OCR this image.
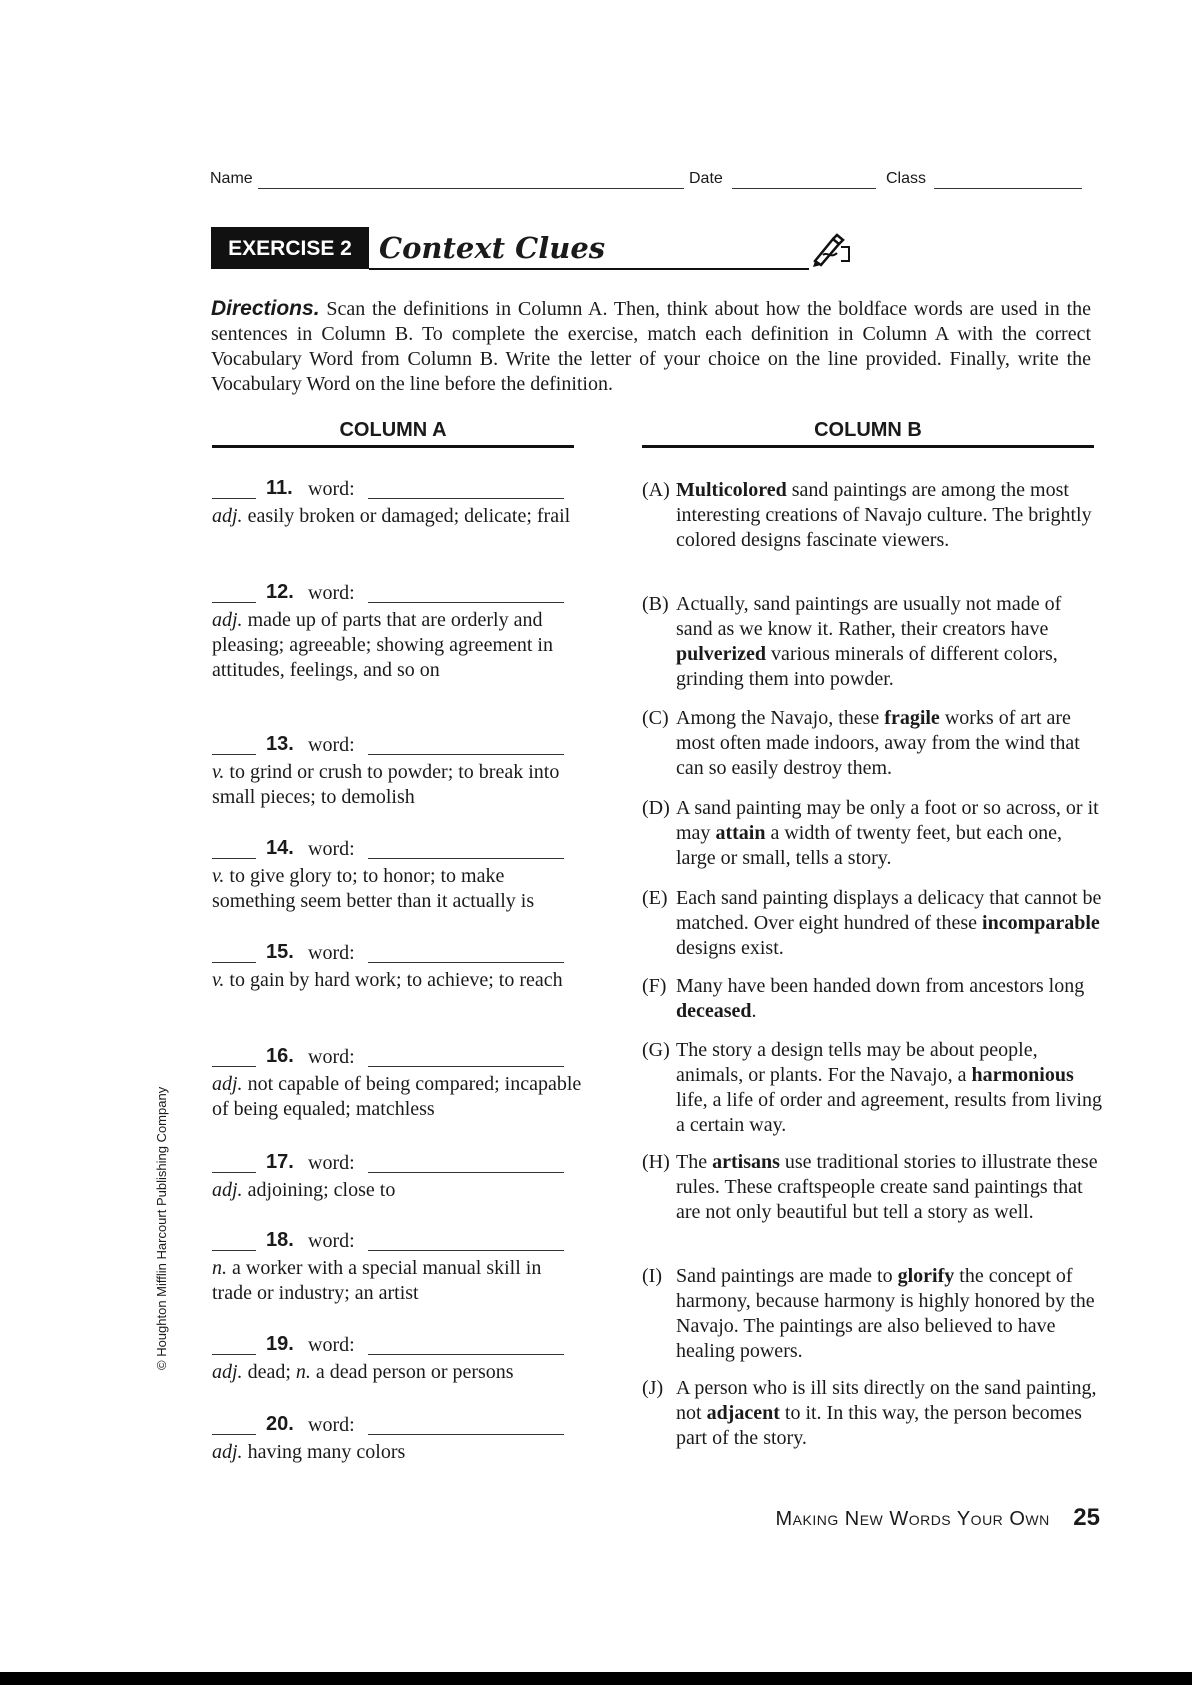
Name	Date	Class
EXERCISE 2 Context Clues
Directions. Scan the definitions in Column A. Then, think about how the boldface words are used in the sentences in Column B. To complete the exercise, match each definition in Column A with the correct Vocabulary Word from Column B. Write the letter of your choice on the line provided. Finally, write the Vocabulary Word on the line before the definition.
COLUMN A	COLUMN B
11. word:
adj. easily broken or damaged; delicate; frail
12. word:
adj. made up of parts that are orderly and pleasing; agreeable; showing agreement in attitudes, feelings, and so on
13. word:
v. to grind or crush to powder; to break into small pieces; to demolish
14. word:
v. to give glory to; to honor; to make something seem better than it actually is
15. word:
v. to gain by hard work; to achieve; to reach
16. word:
adj. not capable of being compared; incapable of being equaled; matchless
17. word:
adj. adjoining; close to
18. word:
n. a worker with a special manual skill in trade or industry; an artist
19. word:
adj. dead; n. a dead person or persons
20. word:
adj. having many colors
(A) Multicolored sand paintings are among the most interesting creations of Navajo culture. The brightly colored designs fascinate viewers.
(B) Actually, sand paintings are usually not made of sand as we know it. Rather, their creators have pulverized various minerals of different colors, grinding them into powder.
(C) Among the Navajo, these fragile works of art are most often made indoors, away from the wind that can so easily destroy them.
(D) A sand painting may be only a foot or so across, or it may attain a width of twenty feet, but each one, large or small, tells a story.
(E) Each sand painting displays a delicacy that cannot be matched. Over eight hundred of these incomparable designs exist.
(F) Many have been handed down from ancestors long deceased.
(G) The story a design tells may be about people, animals, or plants. For the Navajo, a harmonious life, a life of order and agreement, results from living a certain way.
(H) The artisans use traditional stories to illustrate these rules. These craftspeople create sand paintings that are not only beautiful but tell a story as well.
(I) Sand paintings are made to glorify the concept of harmony, because harmony is highly honored by the Navajo. The paintings are also believed to have healing powers.
(J) A person who is ill sits directly on the sand painting, not adjacent to it. In this way, the person becomes part of the story.
© Houghton Mifflin Harcourt Publishing Company
Making New Words Your Own 25
